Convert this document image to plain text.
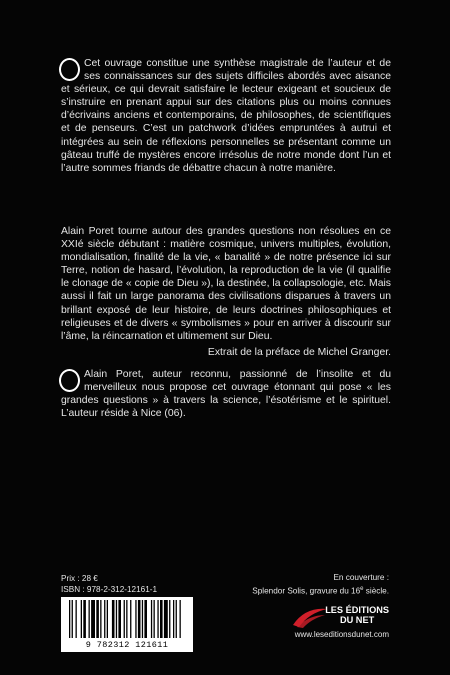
Cet ouvrage constitue une synthèse magistrale de l’auteur et de ses connaissances sur des sujets difficiles abordés avec aisance et sérieux, ce qui devrait satisfaire le lecteur exigeant et soucieux de s’instruire en prenant appui sur des citations plus ou moins connues d’écrivains anciens et contemporains, de philosophes, de scientifiques et de penseurs. C’est un patchwork d’idées empruntées à autrui et intégrées au sein de réflexions personnelles se présentant comme un gâteau truffé de mystères encore irrésolus de notre monde dont l’un et l’autre sommes friands de débattre chacun à notre manière.

Alain Poret tourne autour des grandes questions non résolues en ce XXIé siècle débutant : matière cosmique, univers multiples, évolution, mondialisation, finalité de la vie, « banalité » de notre présence ici sur Terre, notion de hasard, l’évolution, la reproduction de la vie (il qualifie le clonage de « copie de Dieu »), la destinée, la collapsologie, etc. Mais aussi il fait un large panorama des civilisations disparues à travers un brillant exposé de leur histoire, de leurs doctrines philosophiques et religieuses et de divers « symbolismes » pour en arriver à discourir sur l’âme, la réincarnation et ultimement sur Dieu.

Extrait de la préface de Michel Granger.

Alain Poret, auteur reconnu, passionné de l’insolite et du merveilleux nous propose cet ouvrage étonnant qui pose « les grandes questions » à travers la science, l’ésotérisme et le spirituel. L’auteur réside à Nice (06).

Prix : 28 €
ISBN : 978-2-312-12161-1
En couverture :
Splendor Solis, gravure du 16e siècle.
9 782312 121611
LES ÉDITIONS
DU NET
www.leseditionsdunet.com
